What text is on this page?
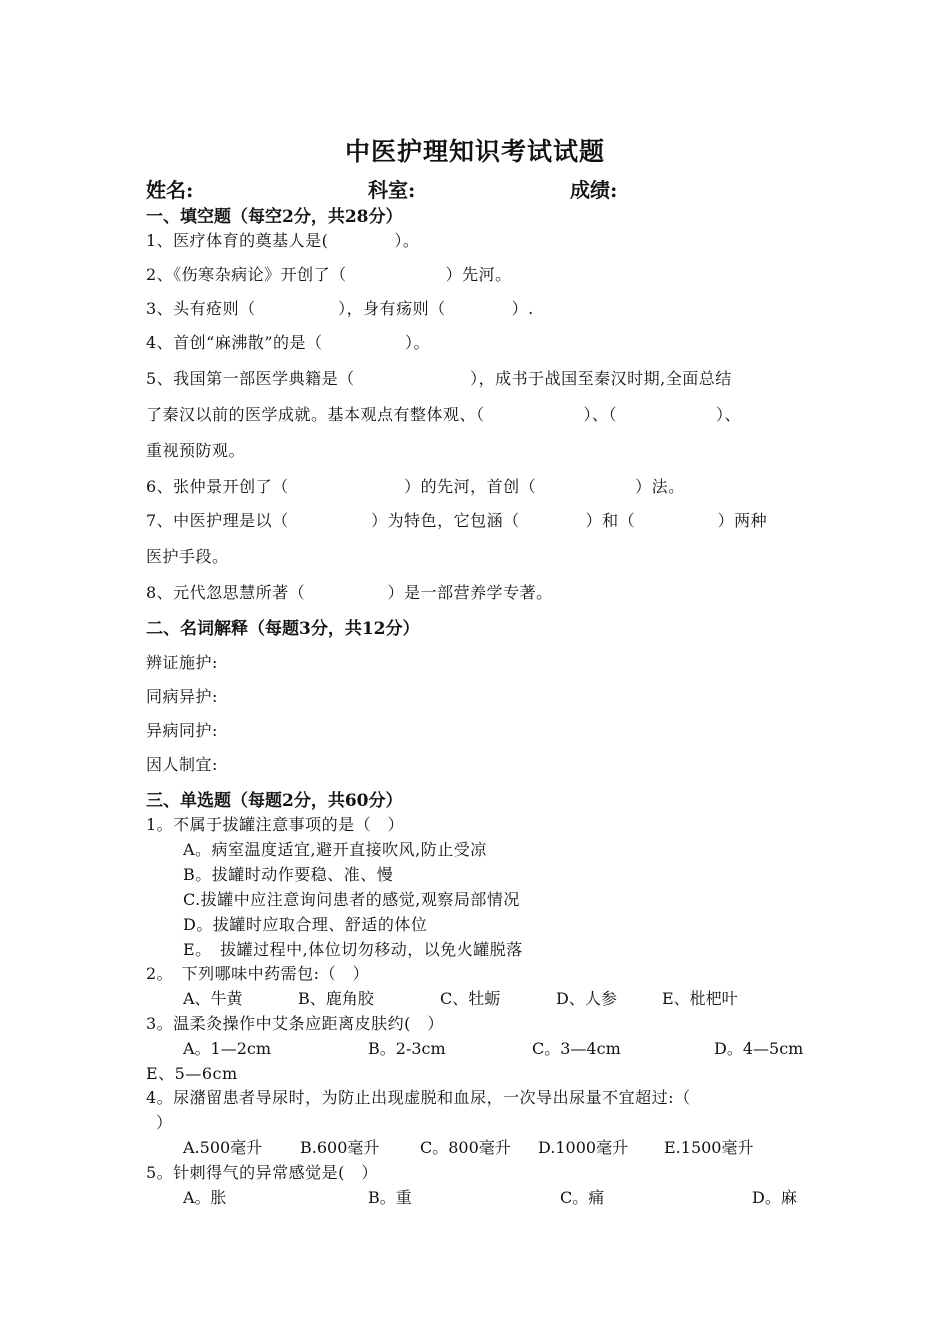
中医护理知识考试试题
姓名:	科室:	成绩:
一、填空题（每空2分，共28分）
1、医疗体育的奠基人是(　　　　）。
2、《伤寒杂病论》开创了（　　　　　　）先河。
3、头有疮则（　　　　　），身有疡则（　　　　）.
4、首创“麻沸散”的是（　　　　　）。
5、我国第一部医学典籍是（　　　　　　　），成书于战国至秦汉时期,全面总结
了秦汉以前的医学成就。基本观点有整体观、（　　　　　　）、（　　　　　　）、
重视预防观。
6、张仲景开创了（　　　　　　　）的先河，首创（　　　　　　）法。
7、中医护理是以（　　　　　）为特色，它包涵（　　　　）和（　　　　　）两种
医护手段。
8、元代忽思慧所著（　　　　　）是一部营养学专著。
二、名词解释（每题3分，共12分）
辨证施护:
同病异护:
异病同护:
因人制宜:
三、单选题（每题2分，共60分）
1。不属于拔罐注意事项的是（　）
A。病室温度适宜,避开直接吹风,防止受凉
B。拔罐时动作要稳、准、慢
C.拔罐中应注意询问患者的感觉,观察局部情况
D。拔罐时应取合理、舒适的体位
E。　拔罐过程中,体位切勿移动，以免火罐脱落
2。　下列哪味中药需包:（　）
A、牛黄	B、鹿角胶	C、牡蛎	D、人参	E、枇杷叶
3。温柔灸操作中艾条应距离皮肤约(　）
A。1—2cm	B。2-3cm	C。3—4cm	D。4—5cm
E、5—6cm
4。尿潴留患者导尿时，为防止出现虚脱和血尿，一次导出尿量不宜超过:（
）
A.500毫升 B.600毫升	C。800毫升 D.1000毫升 E.1500毫升
5。针刺得气的异常感觉是(　）
A。胀	B。重	C。痛	D。麻
